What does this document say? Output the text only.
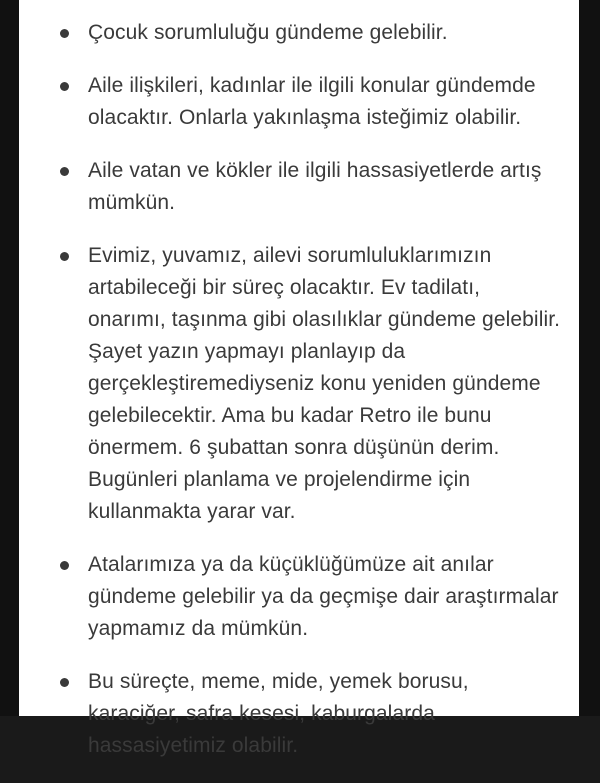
Çocuk sorumluluğu gündeme gelebilir.
Aile ilişkileri, kadınlar ile ilgili konular gündemde olacaktır. Onlarla yakınlaşma isteğimiz olabilir.
Aile vatan ve kökler ile ilgili hassasiyetlerde artış mümkün.
Evimiz, yuvamız, ailevi sorumluluklarımızın artabileceği bir süreç olacaktır. Ev tadilatı, onarımı, taşınma gibi olasılıklar gündeme gelebilir. Şayet yazın yapmayı planlayıp da gerçekleştiremediyseniz konu yeniden gündeme gelebilecektir. Ama bu kadar Retro ile bunu önermem. 6 şubattan sonra düşünün derim. Bugünleri planlama ve projelendirme için kullanmakta yarar var.
Atalarımıza ya da küçüklüğümüze ait anılar gündeme gelebilir ya da geçmişe dair araştırmalar yapmamız da mümkün.
Bu süreçte, meme, mide, yemek borusu, karaciğer, safra kesesi, kaburgalarda hassasiyetimiz olabilir.
